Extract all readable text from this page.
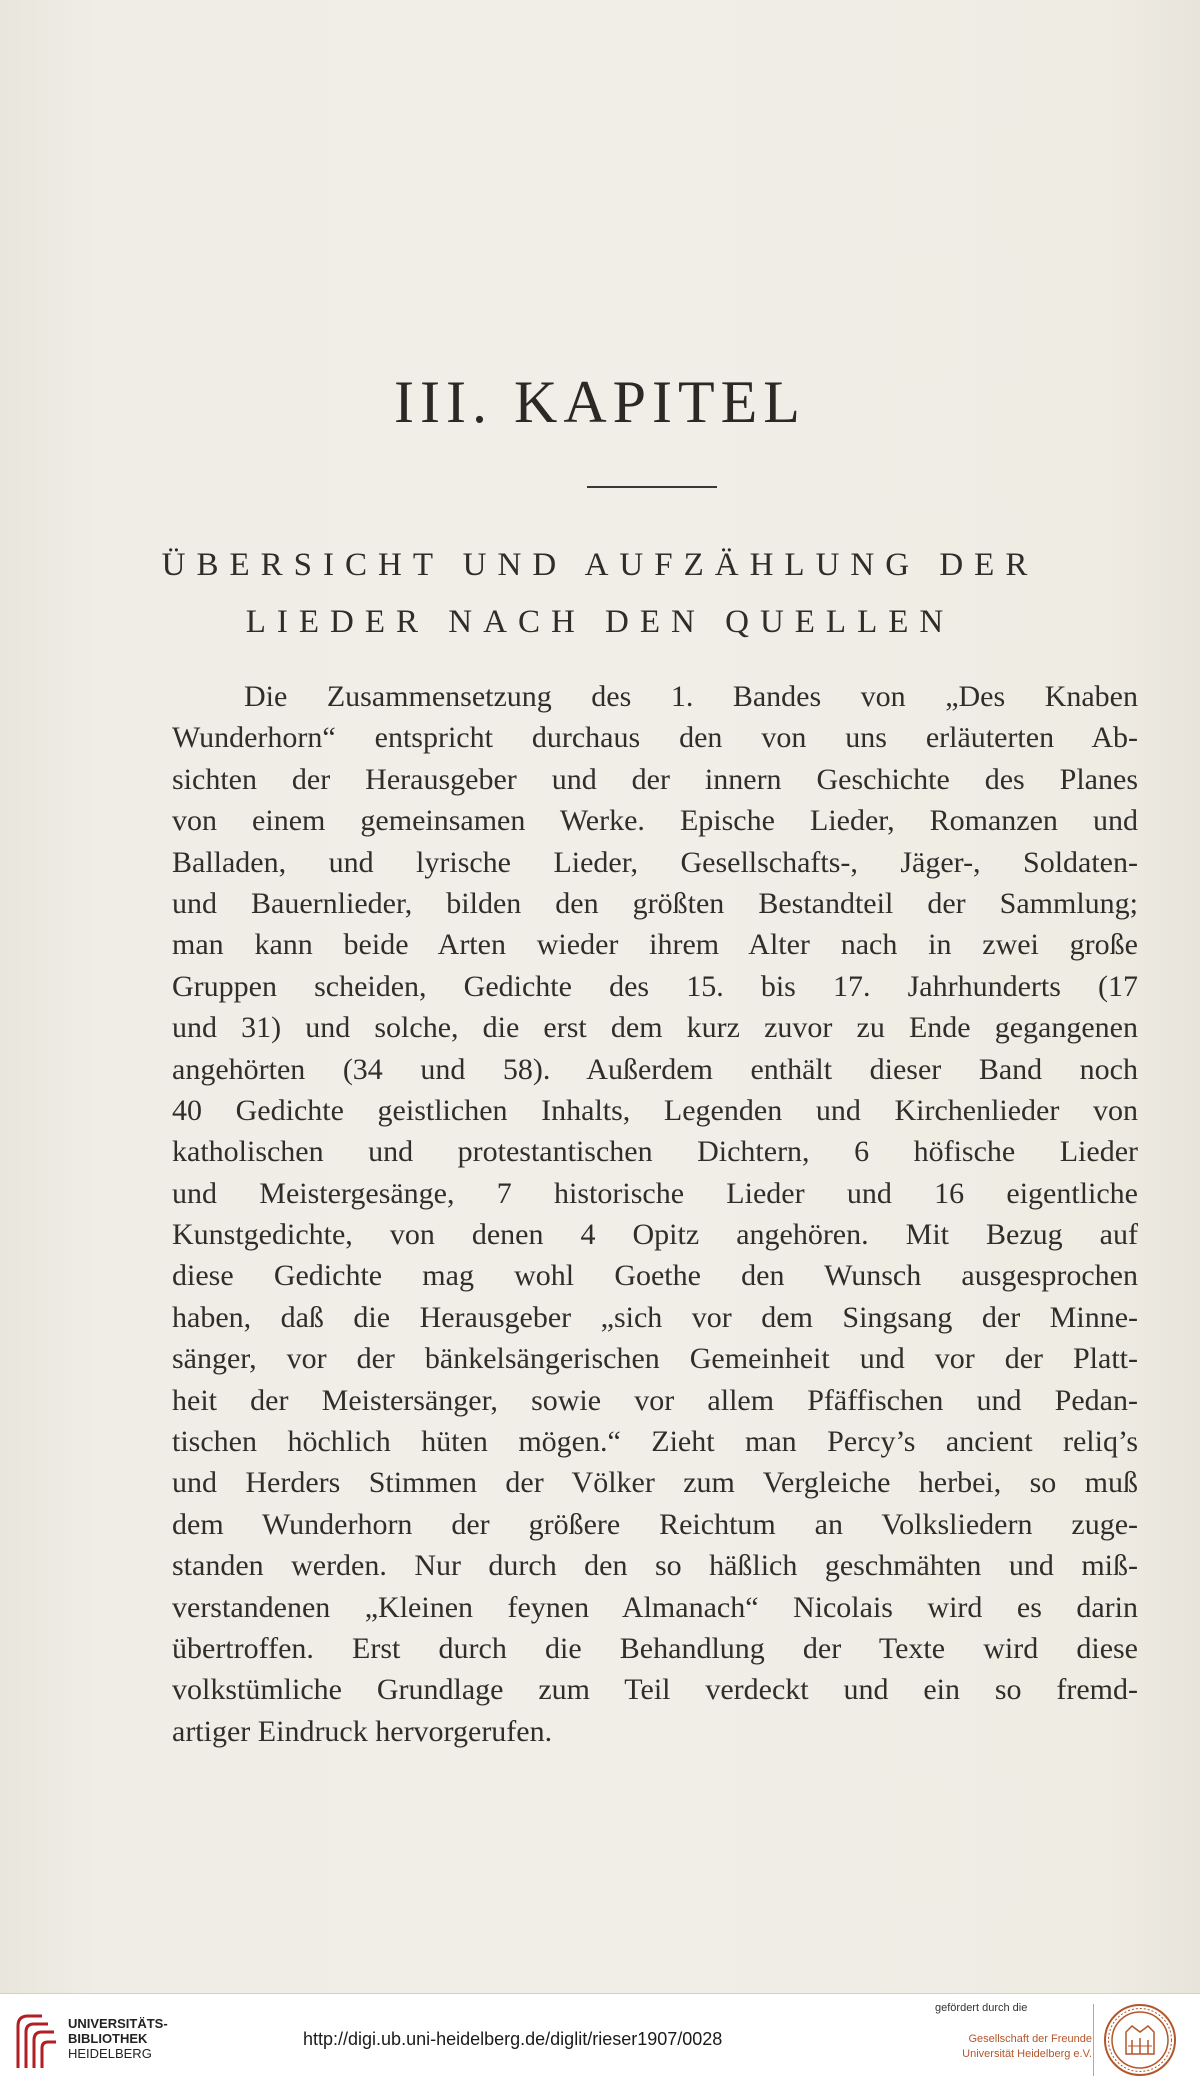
III. KAPITEL
ÜBERSICHT UND AUFZÄHLUNG DER
LIEDER NACH DEN QUELLEN
Die Zusammensetzung des 1. Bandes von „Des Knaben
Wunderhorn“ entspricht durchaus den von uns erläuterten Ab-
sichten der Herausgeber und der innern Geschichte des Planes
von einem gemeinsamen Werke. Epische Lieder, Romanzen und
Balladen, und lyrische Lieder, Gesellschafts-, Jäger-, Soldaten-
und Bauernlieder, bilden den größten Bestandteil der Sammlung;
man kann beide Arten wieder ihrem Alter nach in zwei große
Gruppen scheiden, Gedichte des 15. bis 17. Jahrhunderts (17
und 31) und solche, die erst dem kurz zuvor zu Ende gegangenen
angehörten (34 und 58). Außerdem enthält dieser Band noch
40 Gedichte geistlichen Inhalts, Legenden und Kirchenlieder von
katholischen und protestantischen Dichtern, 6 höfische Lieder
und Meistergesänge, 7 historische Lieder und 16 eigentliche
Kunstgedichte, von denen 4 Opitz angehören. Mit Bezug auf
diese Gedichte mag wohl Goethe den Wunsch ausgesprochen
haben, daß die Herausgeber „sich vor dem Singsang der Minne-
sänger, vor der bänkelsängerischen Gemeinheit und vor der Platt-
heit der Meistersänger, sowie vor allem Pfäffischen und Pedan-
tischen höchlich hüten mögen.“ Zieht man Percy’s ancient reliq’s
und Herders Stimmen der Völker zum Vergleiche herbei, so muß
dem Wunderhorn der größere Reichtum an Volksliedern zuge-
standen werden. Nur durch den so häßlich geschmähten und miß-
verstandenen „Kleinen feynen Almanach“ Nicolais wird es darin
übertroffen. Erst durch die Behandlung der Texte wird diese
volkstümliche Grundlage zum Teil verdeckt und ein so fremd-
artiger Eindruck hervorgerufen.
UNIVERSITÄTS-
BIBLIOTHEK
HEIDELBERG
http://digi.ub.uni-heidelberg.de/diglit/rieser1907/0028
gefördert durch die
Gesellschaft der Freunde
Universität Heidelberg e.V.
